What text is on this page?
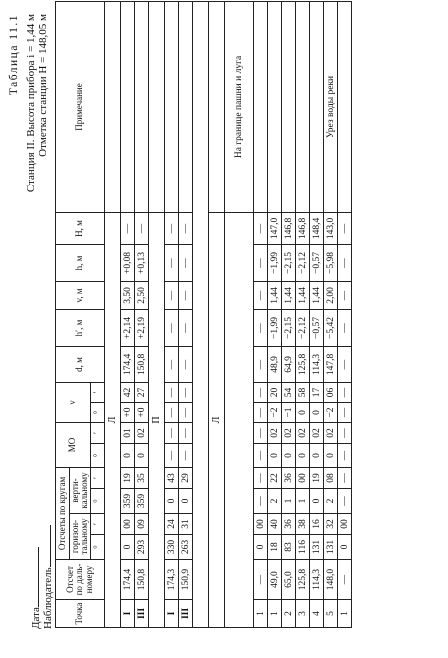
Таблица 11.1 Станция II. Высота прибора i = 1,44 м Отметка станции H = 148,05 м
Дата Наблюдатель Точка	Отсчет по даль-номеру	Отсчеты по кругам				МО		ν		d, м	h′, м	v, м	h, м	H, м	Примечание
		горизон-тальному		верти-кальному											
		°	′	°	′	°	′	°	′						
Л															
I	174,4	0	00	359	19	0	01	+0	42	174,4	+2,14	3,50	+0,08	—	
III	150,8	293	09	359	35	0	02	+0	27	150,8	+2,19	2,50	+0,13	—	
П															
I	174,3	330	24	0	43	—	—	—	—	—	—	—	—	—	
III	150,9	263	31	0	29	—	—	—	—	—	—	—	—	—	

Л															
															На границе пашни и луга
1	—	0	00	—	—	—	—	—	—	—	—	—	—	—	
1	49,0	18	40	2	22	0	02	−2	20	48,9	−1,99	1,44	−1,99	147,0	
2	65,0	83	36	1	36	0	02	−1	54	64,9	−2,15	1,44	−2,15	146,8	
3	125,8	116	38	1	00	0	02	0	58	125,8	−2,12	1,44	−2,12	146,8	
4	114,3	131	16	0	19	0	02	0	17	114,3	−0,57	1,44	−0,57	148,4	
5	148,0	131	32	2	08	0	02	−2	06	147,8	−5,42	2,00	−5,98	143,0	Урез воды реки
1	—	0	00	—	—	—	—	—	—	—	—	—	—	—	
